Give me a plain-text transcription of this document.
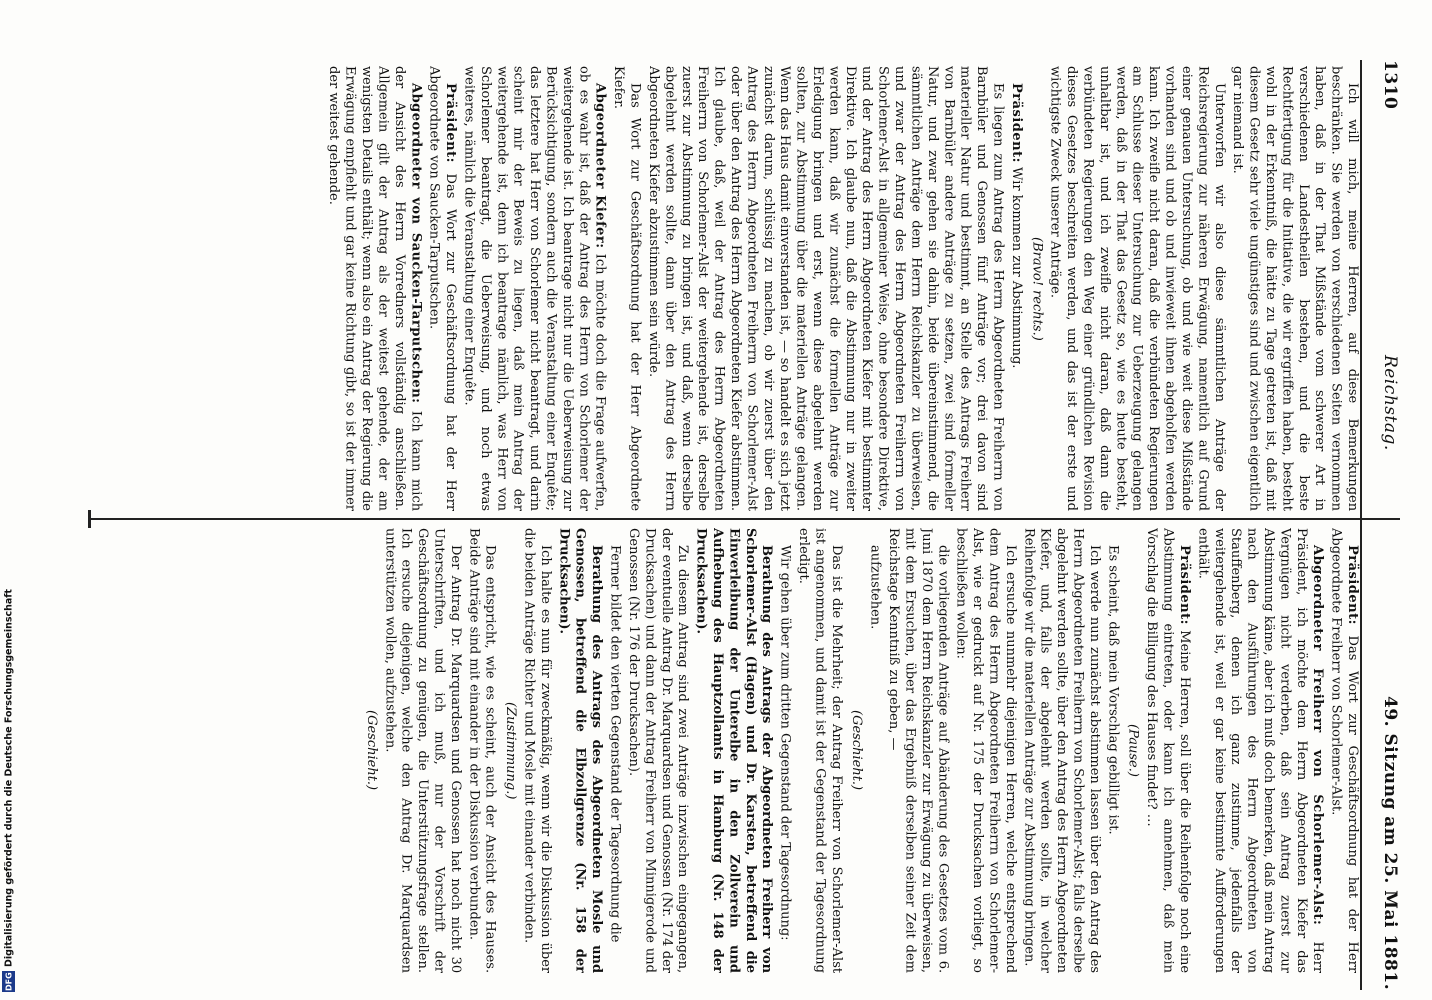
DFG
Digitalisierung gefördert durch die Deutsche Forschungsgemeinschaft
1310
Reichstag.
49. Sitzung am 25. Mai 1881.

Ich will mich, meine Herren, auf diese Bemerkungen beschränken. Sie werden von verschiedenen Seiten vernommen haben, daß in der That Mißstände vom schwerer Art in verschiedenen Landestheilen bestehen, und die beste Rechtfertigung für die Initiative, die wir ergriffen haben, besteht wohl in der Erkenntniß, die hätte zu Tage getreten ist, daß mit diesem Gesetz sehr viele ungünstiges sind und zwischen eigentlich gar niemand ist.

Unterworfen wir also diese sämmtlichen Anträge der Reichsregierung zur näheren Erwägung, namentlich auf Grund einer genauen Untersuchung, ob und wie weit diese Mißstände vorhanden sind und ob und inwieweit ihnen abgeholfen werden kann. Ich zweifle nicht daran, daß die verbündeten Regierungen am Schlusse dieser Untersuchung zur Ueberzeugung gelangen werden, daß in der That das Gesetz so, wie es heute besteht, unhaltbar ist, und ich zweifle nicht daran, daß dann die verbündeten Regierungen den Weg einer gründlichen Revision dieses Gesetzes beschreiten werden, und das ist der erste und wichtigste Zweck unserer Anträge.

(Bravo! rechts.)

Präsident: Wir kommen zur Abstimmung.

Es liegen zum Antrag des Herrn Abgeordneten Freiherrn von Barnbüler und Genossen fünf Anträge vor; drei davon sind materieller Natur und bestimmt, an Stelle des Antrags Freiherr von Barnbüler andere Anträge zu setzen, zwei sind formeller Natur, und zwar gehen sie dahin, beide übereinstimmend, die sämmtlichen Anträge dem Herrn Reichskanzler zu überweisen, und zwar der Antrag des Herrn Abgeordneten Freiherrn von Schorlemer-Alst in allgemeiner Weise, ohne besondere Direktive, und der Antrag des Herrn Abgeordneten Kiefer mit bestimmter Direktive. Ich glaube nun, daß die Abstimmung nur in zweiter werden kann, daß wir zunächst die formellen Anträge zur Erledigung bringen und erst, wenn diese abgelehnt werden sollten, zur Abstimmung über die materiellen Anträge gelangen. Wenn das Haus damit einverstanden ist, — so handelt es sich jetzt zunächst darum, schlüssig zu machen, ob wir zuerst über den Antrag des Herrn Abgeordneten Freiherrn von Schorlemer-Alst oder über den Antrag des Herrn Abgeordneten Kiefer abstimmen. Ich glaube, daß, weil der Antrag des Herrn Abgeordneten Freiherrn von Schorlemer-Alst der weitergehende ist, derselbe zuerst zur Abstimmung zu bringen ist, und daß, wenn derselbe abgelehnt werden sollte, dann über den Antrag des Herrn Abgeordneten Kiefer abzustimmen sein würde.

Das Wort zur Geschäftsordnung hat der Herr Abgeordnete Kiefer.

Abgeordneter Kiefer: Ich möchte doch die Frage aufwerfen, ob es wahr ist, daß der Antrag des Herrn von Schorlemer der weitergehende ist. Ich beantrage nicht nur die Ueberweisung zur Berücksichtigung, sondern auch die Veranstaltung einer Enquête; das letztere hat Herr von Schorlemer nicht beantragt, und darin scheint mir der Beweis zu liegen, daß mein Antrag der weitergehende ist, denn ich beantrage nämlich, was Herr von Schorlemer beantragt, die Ueberweisung, und noch etwas weiteres, nämlich die Veranstaltung einer Enquête.

Präsident: Das Wort zur Geschäftsordnung hat der Herr Abgeordnete von Saucken-Tarputschen.

Abgeordneter von Saucken-Tarputschen: Ich kann mich der Ansicht des Herrn Vorredners vollständig anschließen. Allgemein gilt der Antrag als der weitest gehende, der am wenigsten Details enthält; wenn also ein Antrag der Regierung die Erwägung empfiehlt und gar keine Richtung gibt, so ist der immer der weitest gehende.

Präsident: Das Wort zur Geschäftsordnung hat der Herr Abgeordnete Freiherr von Schorlemer-Alst.

Abgeordneter Freiherr von Schorlemer-Alst: Herr Präsident, ich möchte dem Herrn Abgeordneten Kiefer das Vergnügen nicht verderben, daß sein Antrag zuerst zur Abstimmung käme, aber ich muß doch bemerken, daß mein Antrag nach den Ausführungen des Herrn Abgeordneten von Stauffenberg, denen ich ganz zustimme, jedenfalls der weitergehende ist, weil er gar keine bestimmte Aufforderungen enthält.

Präsident: Meine Herren, soll über die Reihenfolge noch eine Abstimmung eintreten, oder kann ich annehmen, daß mein Vorschlag die Billigung des Hauses findet? …

(Pause.)

Es scheint, daß mein Vorschlag gebilligt ist.

Ich werde nun zunächst abstimmen lassen über den Antrag des Herrn Abgeordneten Freiherrn von Schorlemer-Alst; falls derselbe abgelehnt werden sollte, über den Antrag des Herrn Abgeordneten Kiefer, und, falls der abgelehnt werden sollte, in welcher Reihenfolge wir die materiellen Anträge zur Abstimmung bringen.

Ich ersuche nunmehr diejenigen Herren, welche entsprechend dem Antrag des Herrn Abgeordneten Freiherrn von Schorlemer-Alst, wie er gedruckt auf Nr. 175 der Drucksachen vorliegt, so beschließen wollen:

die vorliegenden Anträge auf Abänderung des Gesetzes vom 6. Juni 1870 dem Herrn Reichskanzler zur Erwägung zu überweisen, mit dem Ersuchen, über das Ergebniß derselben seiner Zeit dem Reichstage Kenntniß zu geben, —

aufzustehen.

(Geschieht.)

Das ist die Mehrheit; der Antrag Freiherr von Schorlemer-Alst ist angenommen, und damit ist der Gegenstand der Tagesordnung erledigt.

Wir gehen über zum dritten Gegenstand der Tagesordnung:

Berathung des Antrags der Abgeordneten Freiherr von Schorlemer-Alst (Hagen) und Dr. Karsten, betreffend die Einverleibung der Unterelbe in den Zollverein und Aufhebung des Hauptzollamts in Hamburg (Nr. 148 der Drucksachen).

Zu diesem Antrag sind zwei Anträge inzwischen eingegangen, der eventuelle Antrag Dr. Marquardsen und Genossen (Nr. 174 der Drucksachen) und dann der Antrag Freiherr von Minnigerode und Genossen (Nr. 176 der Drucksachen).

Ferner bildet den vierten Gegenstand der Tagesordnung die

Berathung des Antrags des Abgeordneten Mosle und Genossen, betreffend die Elbzollgrenze (Nr. 158 der Drucksachen).

Ich halte es nun für zweckmäßig, wenn wir die Diskussion über die beiden Anträge Richter und Mosle mit einander verbinden.

(Zustimmung.)

Das entspricht, wie es scheint, auch der Ansicht des Hauses. Beide Anträge sind mit einander in der Diskussion verbunden.

Der Antrag Dr. Marquardsen und Genossen hat noch nicht 30 Unterschriften, und ich muß, nur der Vorschrift der Geschäftsordnung zu genügen, die Unterstützungsfrage stellen. Ich ersuche diejenigen, welche den Antrag Dr. Marquardsen unterstützen wollen, aufzustehen.

(Geschieht.)
